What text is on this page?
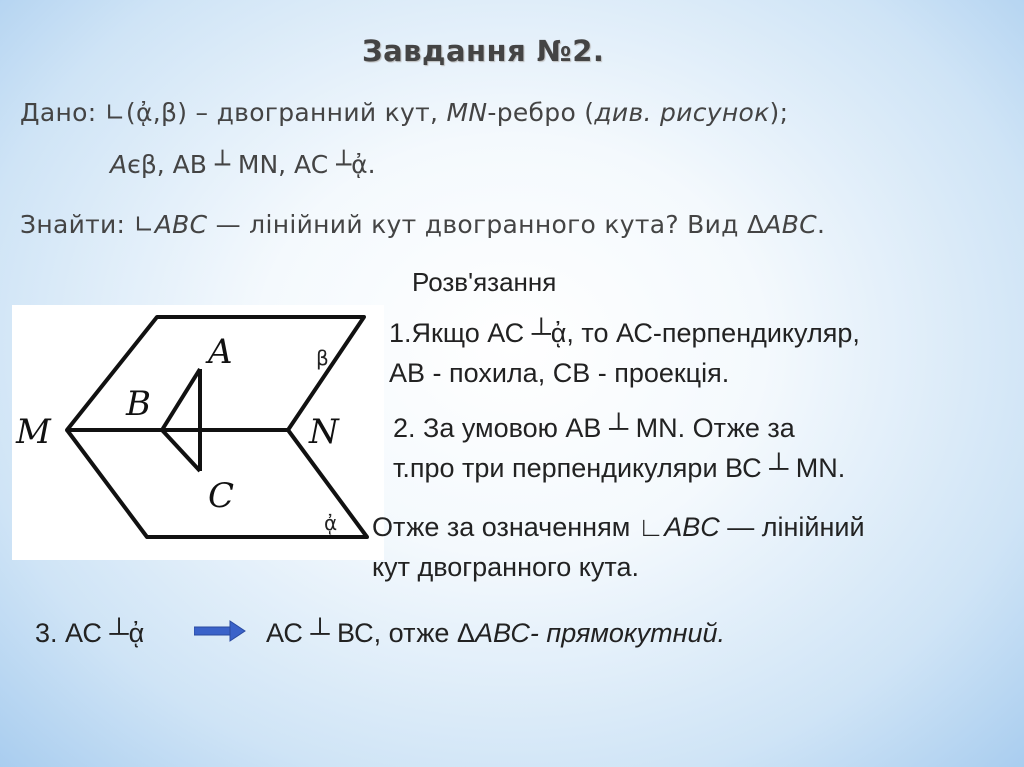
Завдання №2.
Дано: ∟(ᾀ,β) – двогранний кут, MN-ребро (див. рисунок);
Aєβ, AB ┴ MN, AC ┴ᾀ.
Знайти: ∟ABC — лінійний кут двогранного кута? Вид ΔABC.
Розв'язання
A
B
C
M	N
β
ᾀ
1.Якщо АС ┴ᾀ, то АС-перпендикуляр,
АВ - похила, СВ - проекція.
2. За умовою АВ ┴ MN. Отже за
т.про три перпендикуляри ВС ┴ MN.
Отже за означенням ∟ABC — лінійний
кут двогранного кута.
3. АС ┴ᾀ	АС ┴ ВС, отже ΔАВС- прямокутний.
